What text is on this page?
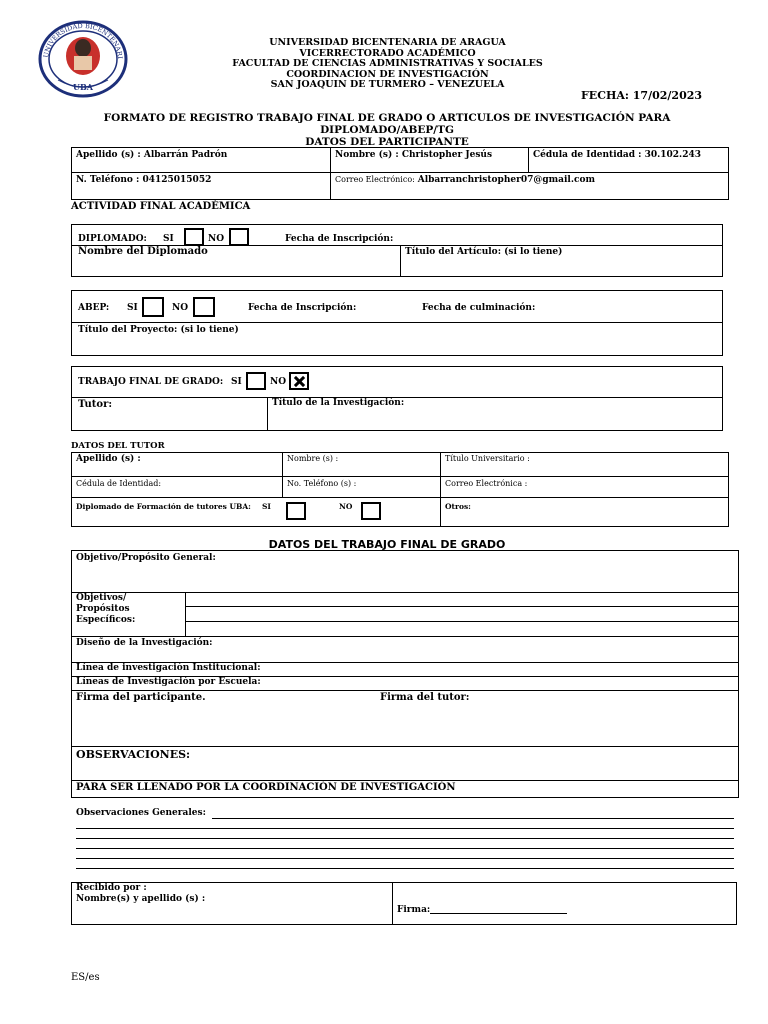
UNIVERSIDAD BICENTENARI
UBA
UNIVERSIDAD BICENTENARIA DE ARAGUA
VICERRECTORADO ACADÉMICO
FACULTAD DE CIENCIAS ADMINISTRATIVAS Y SOCIALES
COORDINACION DE INVESTIGACIÓN
SAN JOAQUIN DE TURMERO – VENEZUELA
FECHA: 17/02/2023
FORMATO DE REGISTRO TRABAJO FINAL DE GRADO O ARTICULOS DE INVESTIGACIÓN PARA
DIPLOMADO/ABEP/TG
DATOS DEL PARTICIPANTE
Apellido (s) : Albarrán Padrón	Nombre (s) : Christopher Jesús	Cédula de Identidad : 30.102.243
N. Teléfono : 04125015052	Correo Electrónico: Albarranchristopher07@gmail.com
ACTIVIDAD FINAL ACADÉMICA
DIPLOMADO: SI	NO	Fecha de Inscripción:
Nombre del Diplomado	Título del Artículo: (si lo tiene)
ABEP: SI	NO	Fecha de Inscripción:	Fecha de culminación:
Título del Proyecto: (si lo tiene)
TRABAJO FINAL DE GRADO: SI	NO
Tutor:	Título de la Investigación:
DATOS DEL TUTOR
Apellido (s) :	Nombre (s) :	Título Universitario :
Cédula de Identidad:	No. Teléfono (s) :	Correo Electrónica :
Diplomado de Formación de tutores UBA: SI	NO	Otros:
DATOS DEL TRABAJO FINAL DE GRADO
Objetivo/Propósito General:
Objetivos/ Propósitos Específicos:
Diseño de la Investigación:
Línea de investigación Institucional:
Líneas de Investigación por Escuela:
Firma del participante.	Firma del tutor:
OBSERVACIONES:
PARA SER LLENADO POR LA COORDINACIÓN DE INVESTIGACIÓN
Observaciones Generales:
Recibido por :
Nombre(s) y apellido (s) :
Firma:
ES/es
